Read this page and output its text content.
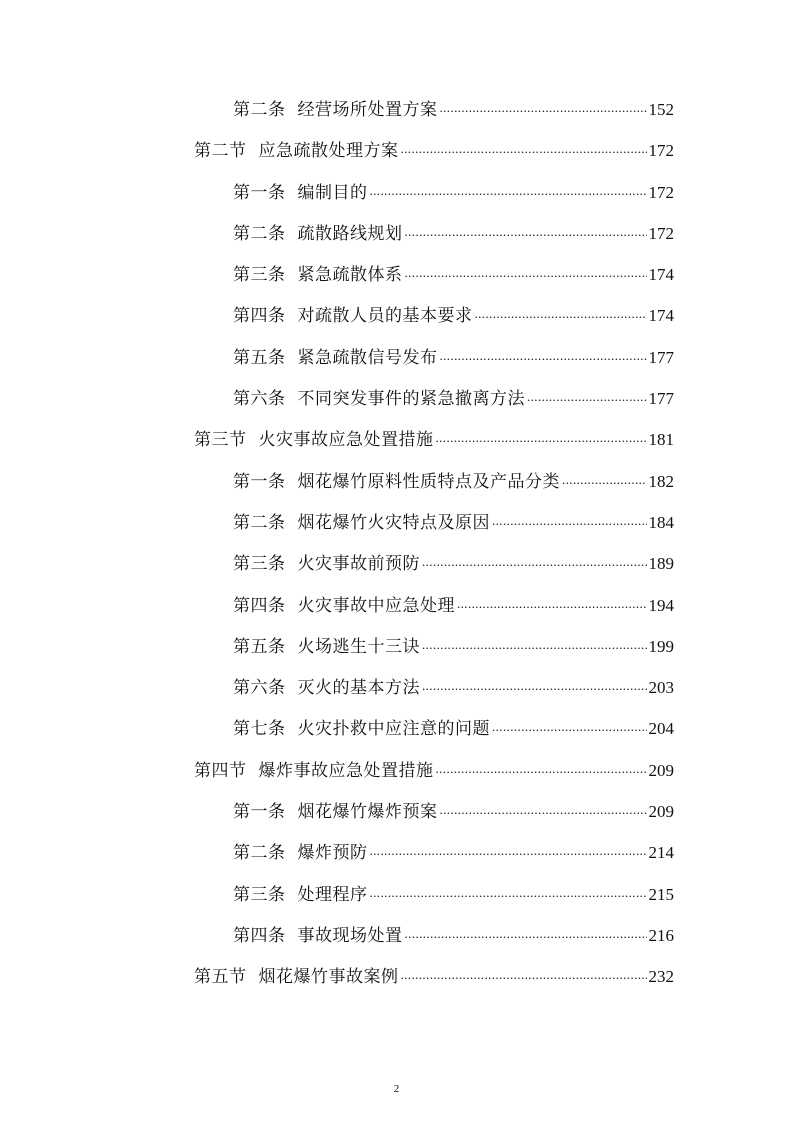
第二条 经营场所处置方案 .....	152
第二节 应急疏散处理方案 .....	172
第一条 编制目的 .....	172
第二条 疏散路线规划 .....	172
第三条 紧急疏散体系 .....	174
第四条 对疏散人员的基本要求 .....	174
第五条 紧急疏散信号发布 .....	177
第六条 不同突发事件的紧急撤离方法 .....	177
第三节 火灾事故应急处置措施 .....	181
第一条 烟花爆竹原料性质特点及产品分类 .....	182
第二条 烟花爆竹火灾特点及原因 .....	184
第三条 火灾事故前预防 .....	189
第四条 火灾事故中应急处理 .....	194
第五条 火场逃生十三诀 .....	199
第六条 灭火的基本方法 .....	203
第七条 火灾扑救中应注意的问题 .....	204
第四节 爆炸事故应急处置措施 .....	209
第一条 烟花爆竹爆炸预案 .....	209
第二条 爆炸预防 .....	214
第三条 处理程序 .....	215
第四条 事故现场处置 .....	216
第五节 烟花爆竹事故案例 .....	232
2
